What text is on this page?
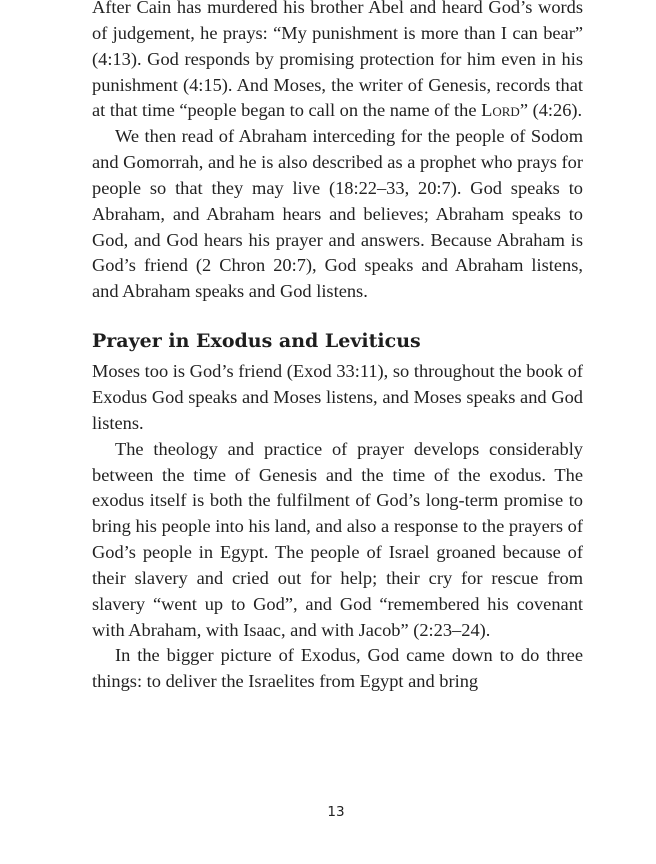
After Cain has murdered his brother Abel and heard God’s words of judgement, he prays: “My punishment is more than I can bear” (4:13). God responds by promising protection for him even in his punishment (4:15). And Moses, the writer of Genesis, records that at that time “people began to call on the name of the Lord” (4:26).

We then read of Abraham interceding for the people of Sodom and Gomorrah, and he is also described as a prophet who prays for people so that they may live (18:22–33, 20:7). God speaks to Abraham, and Abraham hears and believes; Abraham speaks to God, and God hears his prayer and answers. Because Abraham is God’s friend (2 Chron 20:7), God speaks and Abraham listens, and Abraham speaks and God listens.

Prayer in Exodus and Leviticus

Moses too is God’s friend (Exod 33:11), so throughout the book of Exodus God speaks and Moses listens, and Moses speaks and God listens.

The theology and practice of prayer develops considerably between the time of Genesis and the time of the exodus. The exodus itself is both the fulfilment of God’s long-term promise to bring his people into his land, and also a response to the prayers of God’s people in Egypt. The people of Israel groaned because of their slavery and cried out for help; their cry for rescue from slavery “went up to God”, and God “remembered his covenant with Abraham, with Isaac, and with Jacob” (2:23–24).

In the bigger picture of Exodus, God came down to do three things: to deliver the Israelites from Egypt and bring

13
